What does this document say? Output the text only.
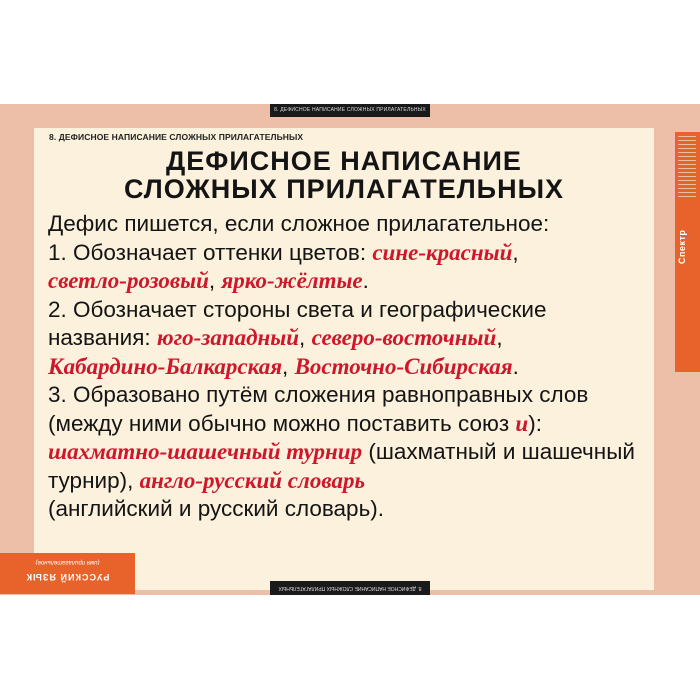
8. ДЕФИСНОЕ НАПИСАНИЕ СЛОЖНЫХ ПРИЛАГАТЕЛЬНЫХ
Спектр
8. ДЕФИСНОЕ НАПИСАНИЕ СЛОЖНЫХ ПРИЛАГАТЕЛЬНЫХ
ДЕФИСНОЕ НАПИСАНИЕ
СЛОЖНЫХ ПРИЛАГАТЕЛЬНЫХ

Дефис пишется, если сложное прилагательное:

1. Обозначает оттенки цветов: сине-красный,
светло-розовый, ярко-жёлтые.

2. Обозначает стороны света и географические названия: юго-западный, северо-восточный,
Кабардино-Балкарская, Восточно-Сибирская.

3. Образовано путём сложения равноправных слов (между ними обычно можно поставить союз и):
шахматно-шашечный турнир (шахматный и шашечный турнир), англо-русский словарь
(английский и русский словарь).

РУССКИЙ ЯЗЫК
(имя прилагательное)
8. ДЕФИСНОЕ НАПИСАНИЕ СЛОЖНЫХ ПРИЛАГАТЕЛЬНЫХ
